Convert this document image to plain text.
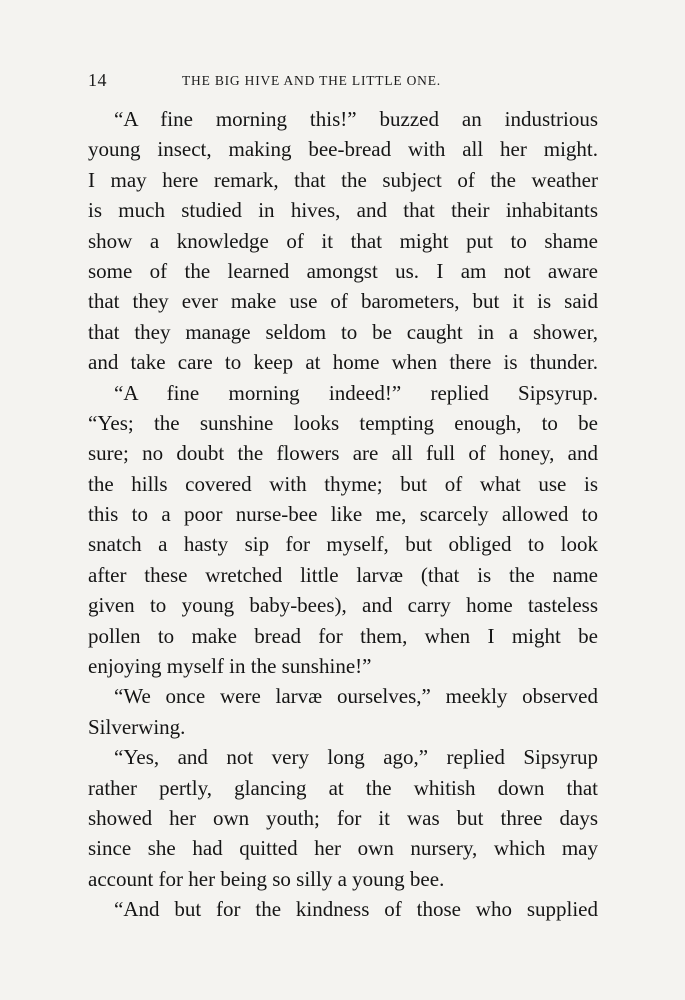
14	THE BIG HIVE AND THE LITTLE ONE.
“A fine morning this!” buzzed an industrious
young insect, making bee-bread with all her might.
I may here remark, that the subject of the weather
is much studied in hives, and that their inhabitants
show a knowledge of it that might put to shame
some of the learned amongst us. I am not aware
that they ever make use of barometers, but it is said
that they manage seldom to be caught in a shower,
and take care to keep at home when there is thunder.
“A fine morning indeed!” replied Sipsyrup.
“Yes; the sunshine looks tempting enough, to be
sure; no doubt the flowers are all full of honey, and
the hills covered with thyme; but of what use is
this to a poor nurse-bee like me, scarcely allowed to
snatch a hasty sip for myself, but obliged to look
after these wretched little larvæ (that is the name
given to young baby-bees), and carry home tasteless
pollen to make bread for them, when I might be
enjoying myself in the sunshine!”
“We once were larvæ ourselves,” meekly observed
Silverwing.
“Yes, and not very long ago,” replied Sipsyrup
rather pertly, glancing at the whitish down that
showed her own youth; for it was but three days
since she had quitted her own nursery, which may
account for her being so silly a young bee.
“And but for the kindness of those who supplied
